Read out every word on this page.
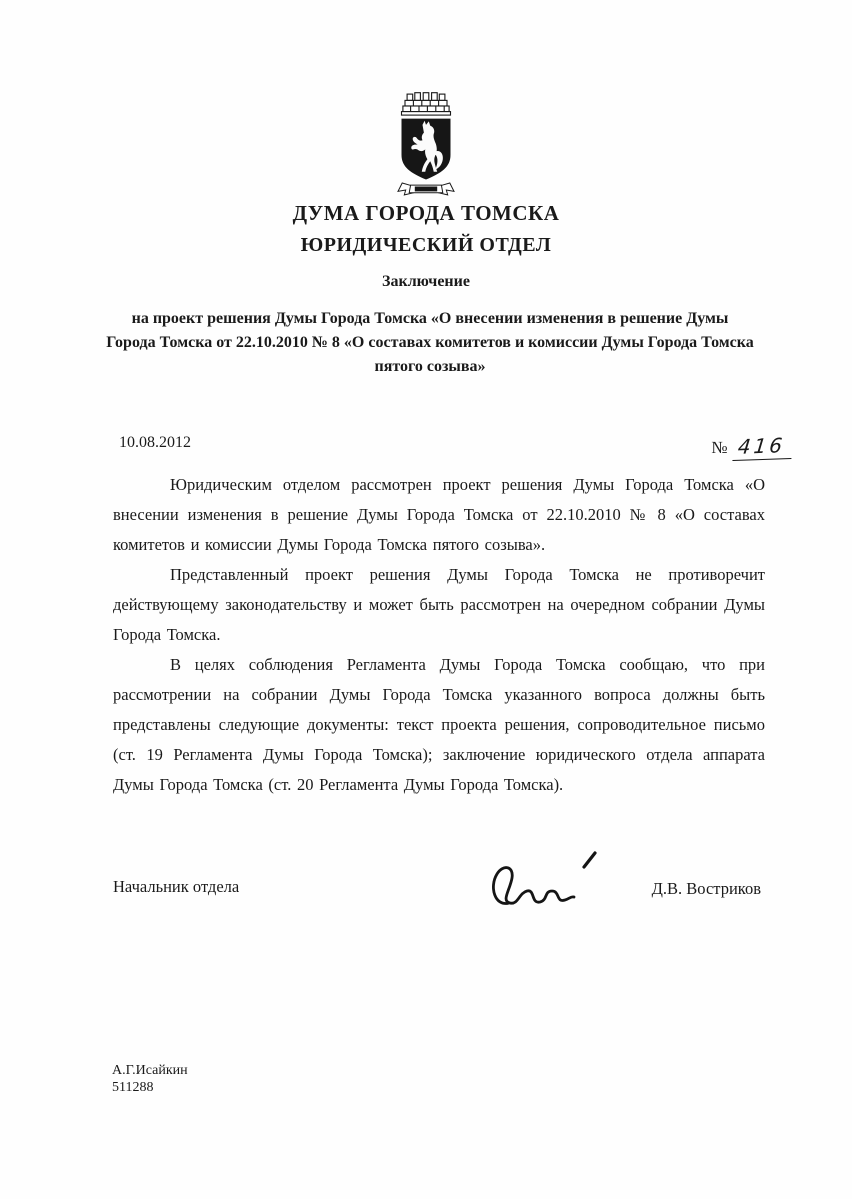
ДУМА ГОРОДА ТОМСКА
ЮРИДИЧЕСКИЙ ОТДЕЛ
Заключение
на проект решения Думы Города Томска «О внесении изменения в решение Думы Города Томска от 22.10.2010 № 8 «О составах комитетов и комиссии Думы Города Томска пятого созыва»
10.08.2012	№ 416

Юридическим отделом рассмотрен проект решения Думы Города Томска «О внесении изменения в решение Думы Города Томска от 22.10.2010 № 8 «О составах комитетов и комиссии Думы Города Томска пятого созыва».

Представленный проект решения Думы Города Томска не противоречит действующему законодательству и может быть рассмотрен на очередном собрании Думы Города Томска.

В целях соблюдения Регламента Думы Города Томска сообщаю, что при рассмотрении на собрании Думы Города Томска указанного вопроса должны быть представлены следующие документы: текст проекта решения, сопроводительное письмо (ст. 19 Регламента Думы Города Томска); заключение юридического отдела аппарата Думы Города Томска (ст. 20 Регламента Думы Города Томска).

Начальник отдела	Д.В. Востриков
А.Г.Исайкин
511288
